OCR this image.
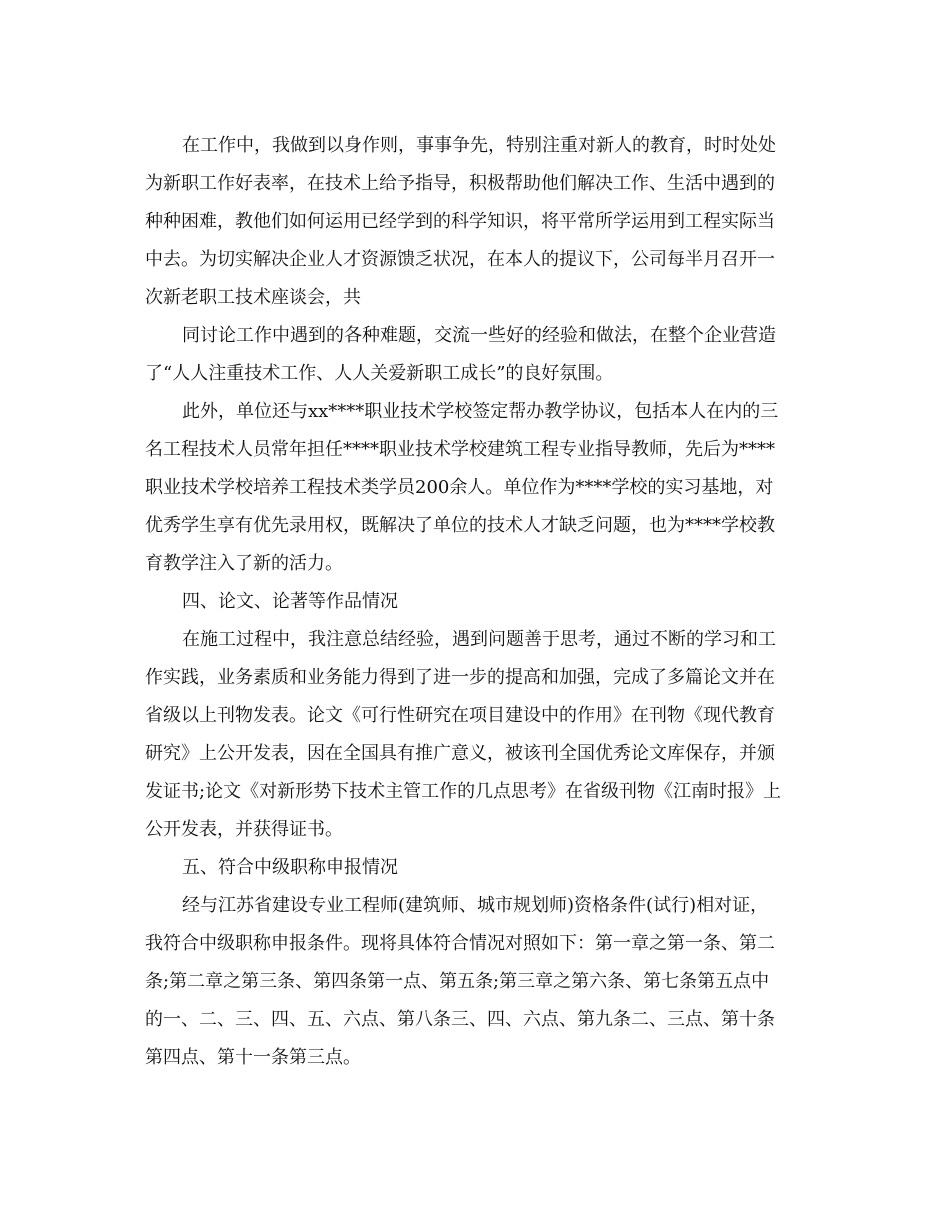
在工作中，我做到以身作则，事事争先，特别注重对新人的教育，时时处处
为新职工作好表率，在技术上给予指导，积极帮助他们解决工作、生活中遇到的
种种困难，教他们如何运用已经学到的科学知识，将平常所学运用到工程实际当
中去。为切实解决企业人才资源馈乏状况，在本人的提议下，公司每半月召开一
次新老职工技术座谈会，共
同讨论工作中遇到的各种难题，交流一些好的经验和做法，在整个企业营造
了“人人注重技术工作、人人关爱新职工成长”的良好氛围。
此外，单位还与xx****职业技术学校签定帮办教学协议，包括本人在内的三
名工程技术人员常年担任****职业技术学校建筑工程专业指导教师，先后为****
职业技术学校培养工程技术类学员200余人。单位作为****学校的实习基地，对
优秀学生享有优先录用权，既解决了单位的技术人才缺乏问题，也为****学校教
育教学注入了新的活力。
四、论文、论著等作品情况
在施工过程中，我注意总结经验，遇到问题善于思考，通过不断的学习和工
作实践，业务素质和业务能力得到了进一步的提高和加强，完成了多篇论文并在
省级以上刊物发表。论文《可行性研究在项目建设中的作用》在刊物《现代教育
研究》上公开发表，因在全国具有推广意义，被该刊全国优秀论文库保存，并颁
发证书;论文《对新形势下技术主管工作的几点思考》在省级刊物《江南时报》上
公开发表，并获得证书。
五、符合中级职称申报情况
经与江苏省建设专业工程师(建筑师、城市规划师)资格条件(试行)相对证，
我符合中级职称申报条件。现将具体符合情况对照如下：第一章之第一条、第二
条;第二章之第三条、第四条第一点、第五条;第三章之第六条、第七条第五点中
的一、二、三、四、五、六点、第八条三、四、六点、第九条二、三点、第十条
第四点、第十一条第三点。
